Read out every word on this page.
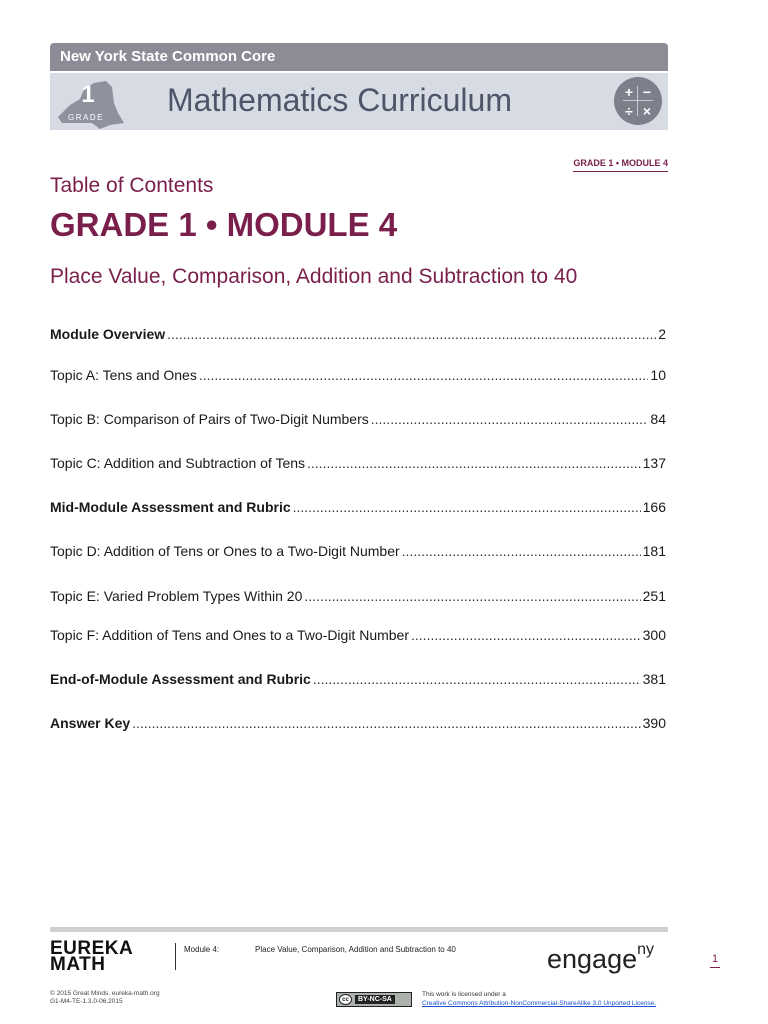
New York State Common Core
1
GRADE Mathematics Curriculum	+ −
÷ ×
GRADE 1 • MODULE 4
Table of Contents
GRADE 1 • MODULE 4
Place Value, Comparison, Addition and Subtraction to 40
Module Overview .....	2
Topic A: Tens and Ones .....	10
Topic B: Comparison of Pairs of Two-Digit Numbers .....	84
Topic C: Addition and Subtraction of Tens .....	137
Mid-Module Assessment and Rubric .....	166
Topic D: Addition of Tens or Ones to a Two-Digit Number .....	181
Topic E: Varied Problem Types Within 20 .....	251
Topic F: Addition of Tens and Ones to a Two-Digit Number .....	300
End-of-Module Assessment and Rubric .....	381
Answer Key .....	390
EUREKA
MATH
Module 4:	Place Value, Comparison, Addition and Subtraction to 40	engage$^{ny}$
1
© 2015 Great Minds. eureka-math.org
G1-M4-TE-1.3.0-06.2015	cc	BY-NC-SA
This work is licensed under a
Creative Commons Attribution-NonCommercial-ShareAlike 3.0 Unported License.
